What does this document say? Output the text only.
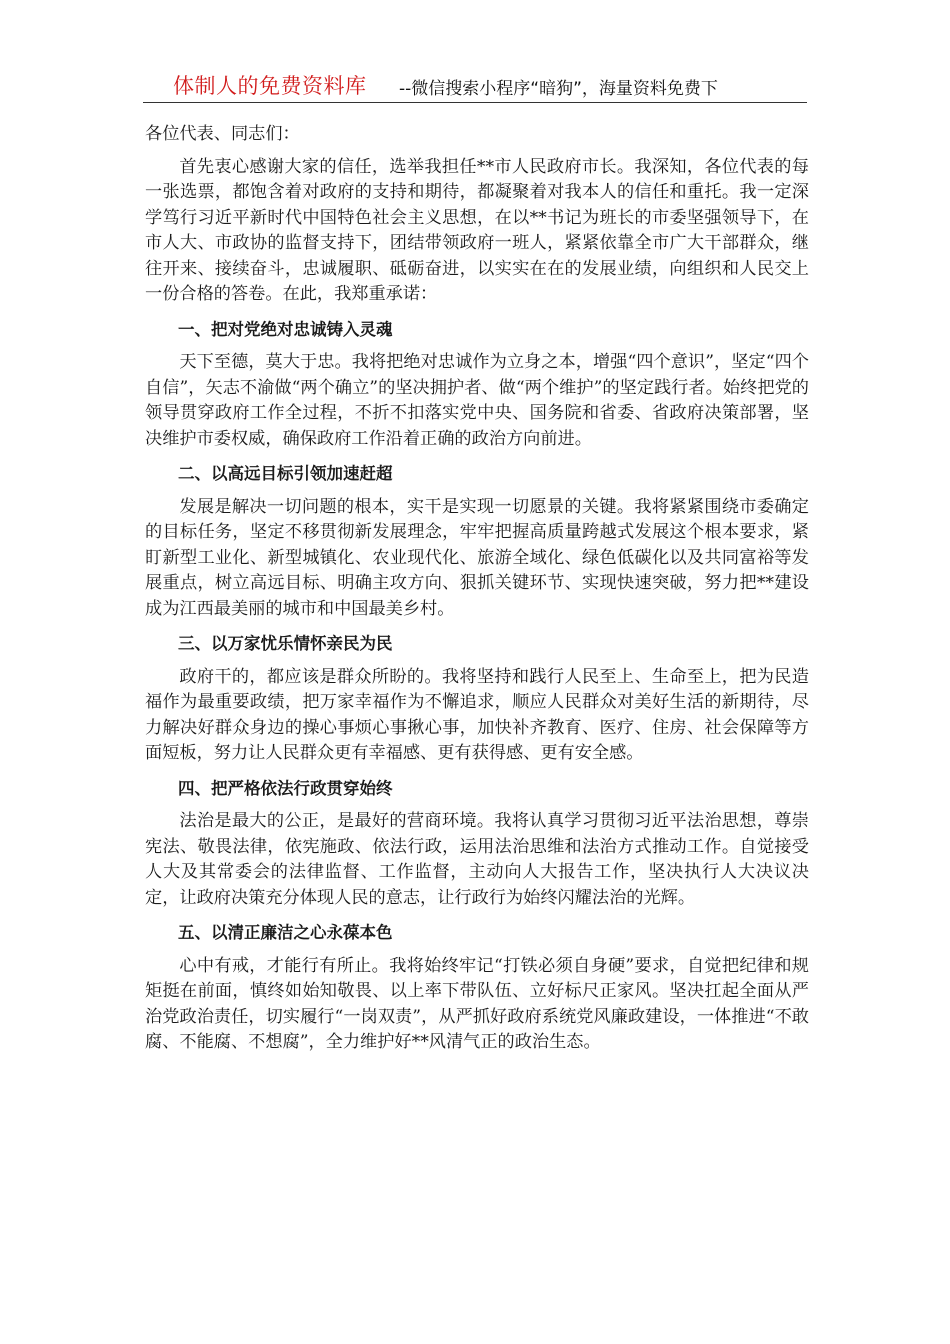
体制人的免费资料库 --微信搜索小程序“暗狗”，海量资料免费下

各位代表、同志们：

首先衷心感谢大家的信任，选举我担任**市人民政府市长。我深知，各位代表的每一张选票，都饱含着对政府的支持和期待，都凝聚着对我本人的信任和重托。我一定深学笃行习近平新时代中国特色社会主义思想，在以**书记为班长的市委坚强领导下，在市人大、市政协的监督支持下，团结带领政府一班人，紧紧依靠全市广大干部群众，继往开来、接续奋斗，忠诚履职、砥砺奋进，以实实在在的发展业绩，向组织和人民交上一份合格的答卷。在此，我郑重承诺：

一、把对党绝对忠诚铸入灵魂

天下至德，莫大于忠。我将把绝对忠诚作为立身之本，增强“四个意识”，坚定“四个自信”，矢志不渝做“两个确立”的坚决拥护者、做“两个维护”的坚定践行者。始终把党的领导贯穿政府工作全过程，不折不扣落实党中央、国务院和省委、省政府决策部署，坚决维护市委权威，确保政府工作沿着正确的政治方向前进。

二、以高远目标引领加速赶超

发展是解决一切问题的根本，实干是实现一切愿景的关键。我将紧紧围绕市委确定的目标任务，坚定不移贯彻新发展理念，牢牢把握高质量跨越式发展这个根本要求，紧盯新型工业化、新型城镇化、农业现代化、旅游全域化、绿色低碳化以及共同富裕等发展重点，树立高远目标、明确主攻方向、狠抓关键环节、实现快速突破，努力把**建设成为江西最美丽的城市和中国最美乡村。

三、以万家忧乐情怀亲民为民

政府干的，都应该是群众所盼的。我将坚持和践行人民至上、生命至上，把为民造福作为最重要政绩，把万家幸福作为不懈追求，顺应人民群众对美好生活的新期待，尽力解决好群众身边的操心事烦心事揪心事，加快补齐教育、医疗、住房、社会保障等方面短板，努力让人民群众更有幸福感、更有获得感、更有安全感。

四、把严格依法行政贯穿始终

法治是最大的公正，是最好的营商环境。我将认真学习贯彻习近平法治思想，尊崇宪法、敬畏法律，依宪施政、依法行政，运用法治思维和法治方式推动工作。自觉接受人大及其常委会的法律监督、工作监督，主动向人大报告工作，坚决执行人大决议决定，让政府决策充分体现人民的意志，让行政行为始终闪耀法治的光辉。

五、以清正廉洁之心永葆本色

心中有戒，才能行有所止。我将始终牢记“打铁必须自身硬”要求，自觉把纪律和规矩挺在前面，慎终如始知敬畏、以上率下带队伍、立好标尺正家风。坚决扛起全面从严治党政治责任，切实履行“一岗双责”，从严抓好政府系统党风廉政建设，一体推进“不敢腐、不能腐、不想腐”，全力维护好**风清气正的政治生态。
